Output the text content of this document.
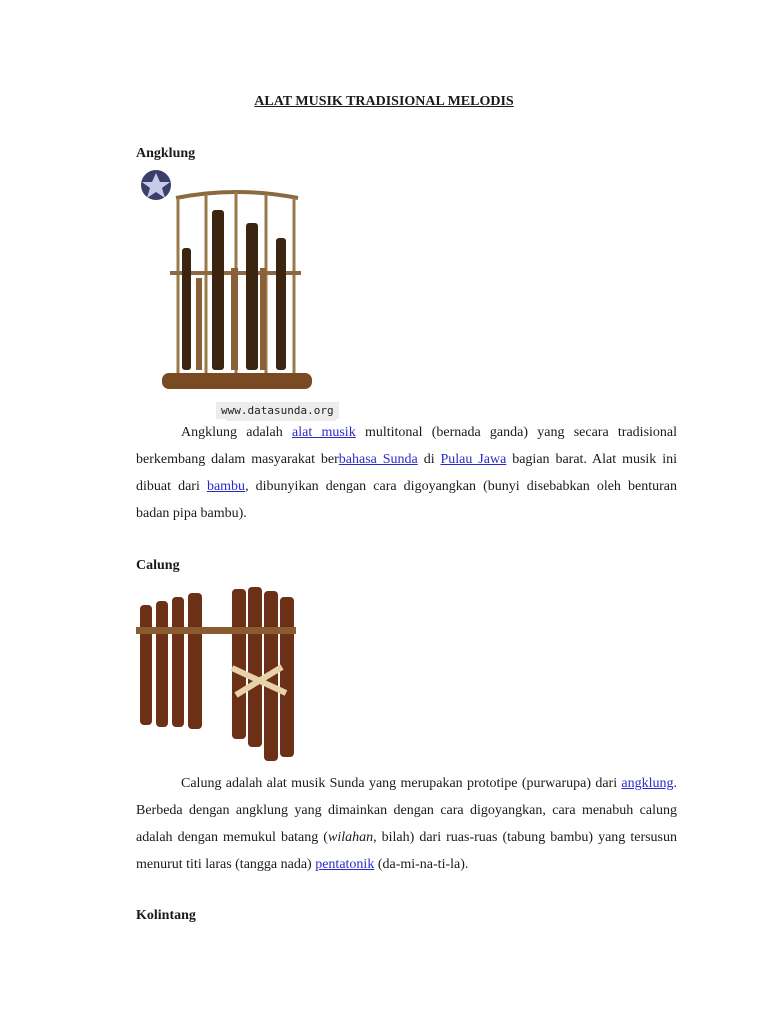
ALAT MUSIK TRADISIONAL MELODIS
Angklung
www.datasunda.org
Angklung adalah alat musik multitonal (bernada ganda) yang secara tradisional berkembang dalam masyarakat berbahasa Sunda di Pulau Jawa bagian barat. Alat musik ini dibuat dari bambu, dibunyikan dengan cara digoyangkan (bunyi disebabkan oleh benturan badan pipa bambu).
Calung
Calung adalah alat musik Sunda yang merupakan prototipe (purwarupa) dari angklung. Berbeda dengan angklung yang dimainkan dengan cara digoyangkan, cara menabuh calung adalah dengan memukul batang (wilahan, bilah) dari ruas-ruas (tabung bambu) yang tersusun menurut titi laras (tangga nada) pentatonik (da-mi-na-ti-la).
Kolintang
